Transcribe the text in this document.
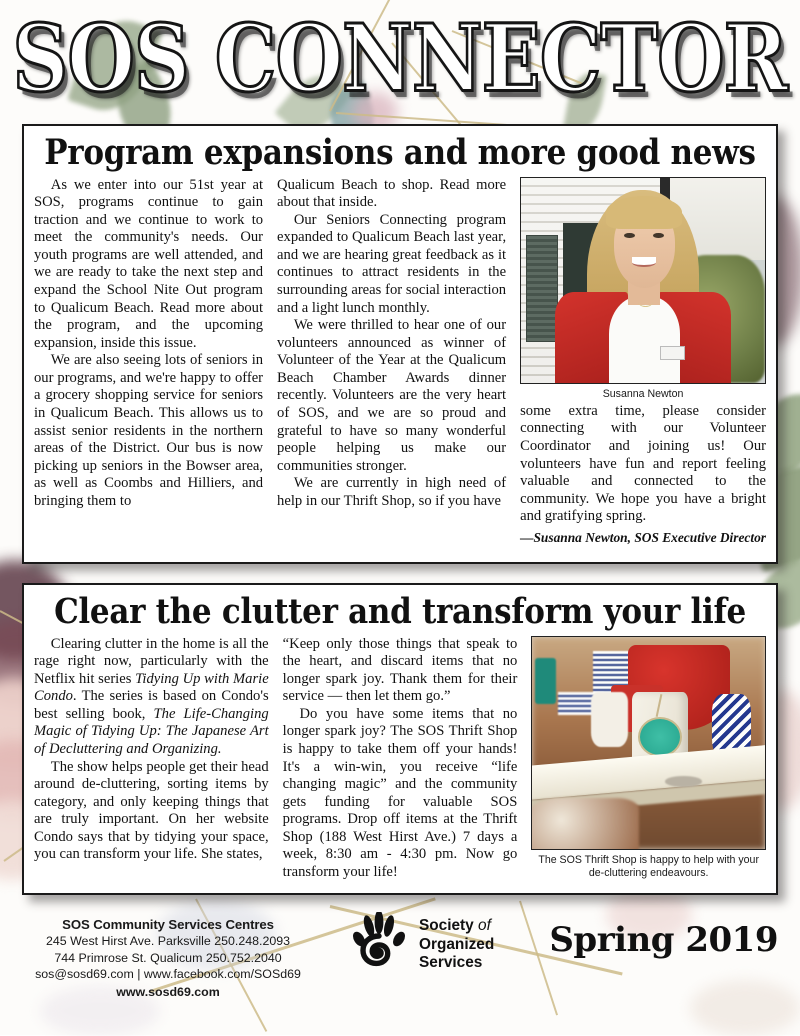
SOS CONNECTOR
Program expansions and more good news

As we enter into our 51st year at SOS, programs continue to gain traction and we continue to work to meet the community's needs. Our youth programs are well attended, and we are ready to take the next step and expand the School Nite Out program to Qualicum Beach. Read more about the program, and the upcoming expansion, inside this issue.

We are also seeing lots of seniors in our programs, and we're happy to offer a grocery shopping service for seniors in Qualicum Beach. This allows us to assist senior residents in the northern areas of the District. Our bus is now picking up seniors in the Bowser area, as well as Coombs and Hilliers, and bringing them to

Qualicum Beach to shop. Read more about that inside.

Our Seniors Connecting program expanded to Qualicum Beach last year, and we are hearing great feedback as it continues to attract residents in the surrounding areas for social interaction and a light lunch monthly.

We were thrilled to hear one of our volunteers announced as winner of Volunteer of the Year at the Qualicum Beach Chamber Awards dinner recently. Volunteers are the very heart of SOS, and we are so proud and grateful to have so many wonderful people helping us make our communities stronger.

We are currently in high need of help in our Thrift Shop, so if you have

Susanna Newton

some extra time, please consider connecting with our Volunteer Coordinator and joining us! Our volunteers have fun and report feeling valuable and connected to the community. We hope you have a bright and gratifying spring.

—Susanna Newton, SOS Executive Director
Clear the clutter and transform your life

Clearing clutter in the home is all the rage right now, particularly with the Netflix hit series Tidying Up with Marie Condo. The series is based on Condo's best selling book, The Life-Changing Magic of Tidying Up: The Japanese Art of Decluttering and Organizing.

The show helps people get their head around de-cluttering, sorting items by category, and only keeping things that are truly important. On her website Condo says that by tidying your space, you can transform your life. She states,

“Keep only those things that speak to the heart, and discard items that no longer spark joy. Thank them for their service — then let them go.”

Do you have some items that no longer spark joy? The SOS Thrift Shop is happy to take them off your hands! It's a win-win, you receive “life changing magic” and the community gets funding for valuable SOS programs. Drop off items at the Thrift Shop (188 West Hirst Ave.) 7 days a week, 8:30 am - 4:30 pm. Now go transform your life!

The SOS Thrift Shop is happy to help with your de-cluttering endeavours.
SOS Community Services Centres
245 West Hirst Ave. Parksville 250.248.2093
744 Primrose St. Qualicum 250.752.2040
sos@sosd69.com | www.facebook.com/SOSd69
www.sosd69.com
Society of
Organized
Services
Spring 2019
